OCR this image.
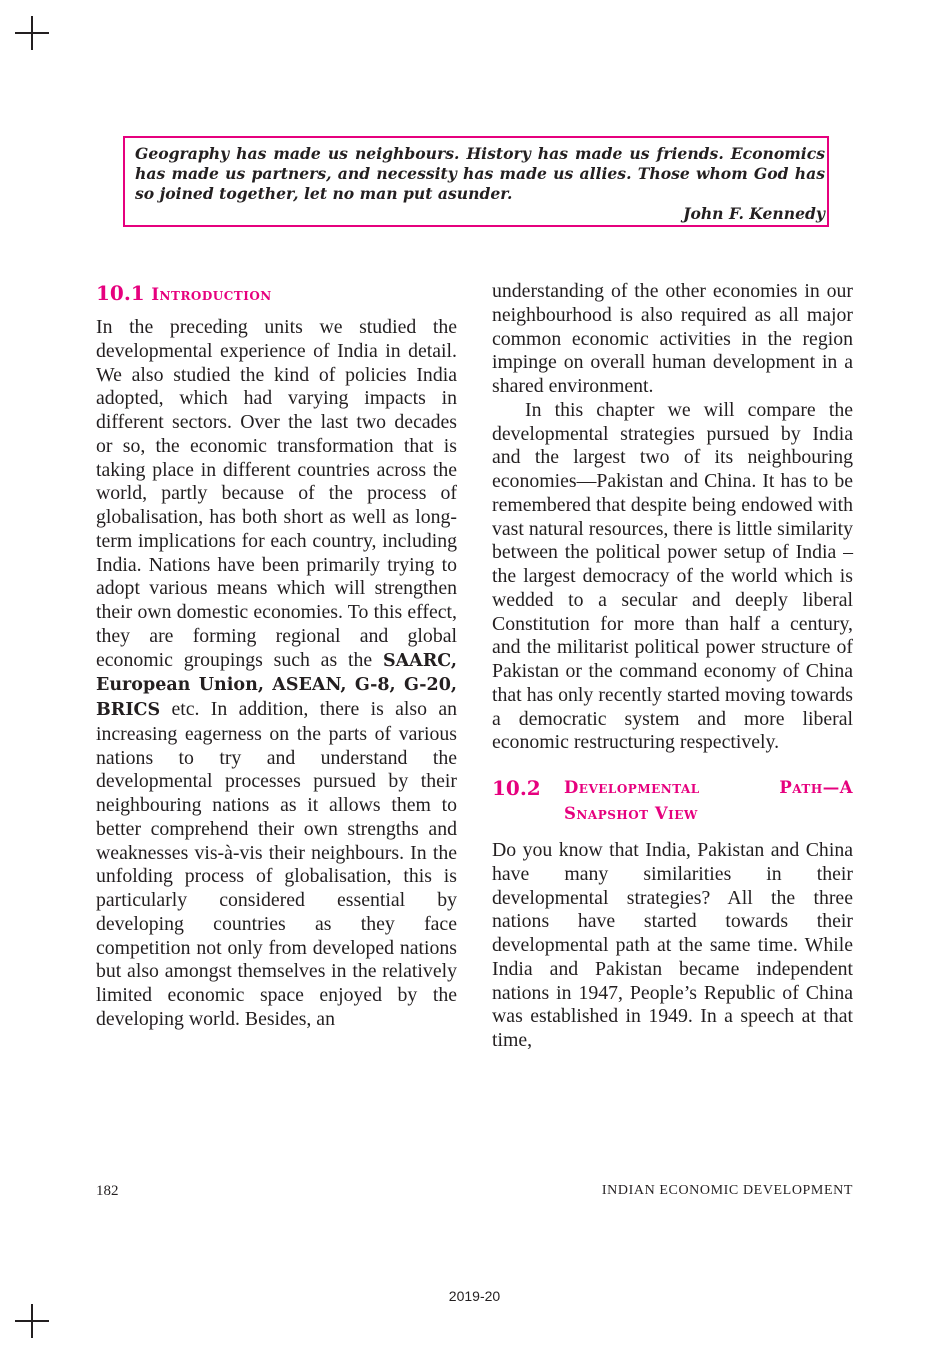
Geography has made us neighbours. History has made us friends. Economics has made us partners, and necessity has made us allies. Those whom God has so joined together, let no man put asunder.
John F. Kennedy
10.1 Introduction

In the preceding units we studied the developmental experience of India in detail. We also studied the kind of policies India adopted, which had varying impacts in different sectors. Over the last two decades or so, the economic transformation that is taking place in different countries across the world, partly because of the process of globalisation, has both short as well as long-term implications for each country, including India. Nations have been primarily trying to adopt various means which will strengthen their own domestic economies. To this effect, they are forming regional and global economic groupings such as the SAARC, European Union, ASEAN, G-8, G-20, BRICS etc. In addition, there is also an increasing eagerness on the parts of various nations to try and understand the developmental processes pursued by their neighbouring nations as it allows them to better comprehend their own strengths and weaknesses vis-à-vis their neighbours. In the unfolding process of globalisation, this is particularly considered essential by developing countries as they face competition not only from developed nations but also amongst themselves in the relatively limited economic space enjoyed by the developing world. Besides, an

understanding of the other economies in our neighbourhood is also required as all major common economic activities in the region impinge on overall human development in a shared environment.

In this chapter we will compare the developmental strategies pursued by India and the largest two of its neighbouring economies—Pakistan and China. It has to be remembered that despite being endowed with vast natural resources, there is little similarity between the political power setup of India – the largest democracy of the world which is wedded to a secular and deeply liberal Constitution for more than half a century, and the militarist political power structure of Pakistan or the command economy of China that has only recently started moving towards a democratic system and more liberal economic restructuring respectively.

10.2	Developmental Path—A Snapshot View

Do you know that India, Pakistan and China have many similarities in their developmental strategies? All the three nations have started towards their developmental path at the same time. While India and Pakistan became independent nations in 1947, People’s Republic of China was established in 1949. In a speech at that time,

182	INDIAN ECONOMIC DEVELOPMENT
2019-20
